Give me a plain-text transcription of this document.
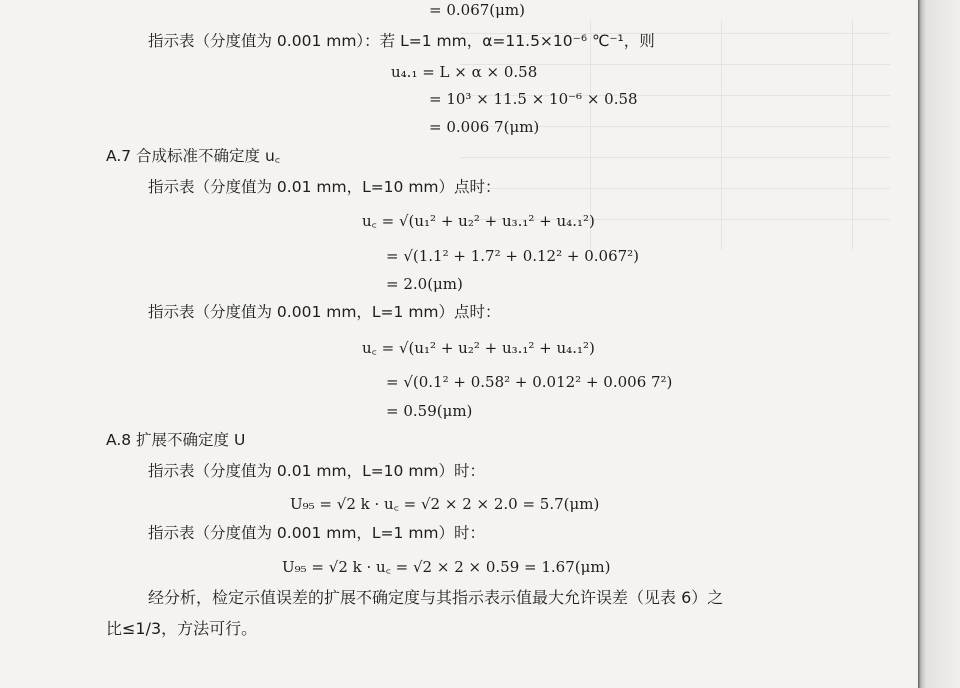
= 0.067(μm)
指示表（分度值为 0.001 mm）：若 L=1 mm，α=11.5×10⁻⁶ ℃⁻¹，则
u₄.₁ = L × α × 0.58
= 10³ × 11.5 × 10⁻⁶ × 0.58
= 0.006 7(μm)
A.7 合成标准不确定度 u꜀
指示表（分度值为 0.01 mm，L=10 mm）点时：
u꜀ = √(u₁² + u₂² + u₃.₁² + u₄.₁²)
= √(1.1² + 1.7² + 0.12² + 0.067²)
= 2.0(μm)
指示表（分度值为 0.001 mm，L=1 mm）点时：
u꜀ = √(u₁² + u₂² + u₃.₁² + u₄.₁²)
= √(0.1² + 0.58² + 0.012² + 0.006 7²)
= 0.59(μm)
A.8 扩展不确定度 U
指示表（分度值为 0.01 mm，L=10 mm）时：
U₉₅ = √2 k · u꜀ = √2 × 2 × 2.0 = 5.7(μm)
指示表（分度值为 0.001 mm，L=1 mm）时：
U₉₅ = √2 k · u꜀ = √2 × 2 × 0.59 = 1.67(μm)
经分析，检定示值误差的扩展不确定度与其指示表示值最大允许误差（见表 6）之
比≤1/3，方法可行。
